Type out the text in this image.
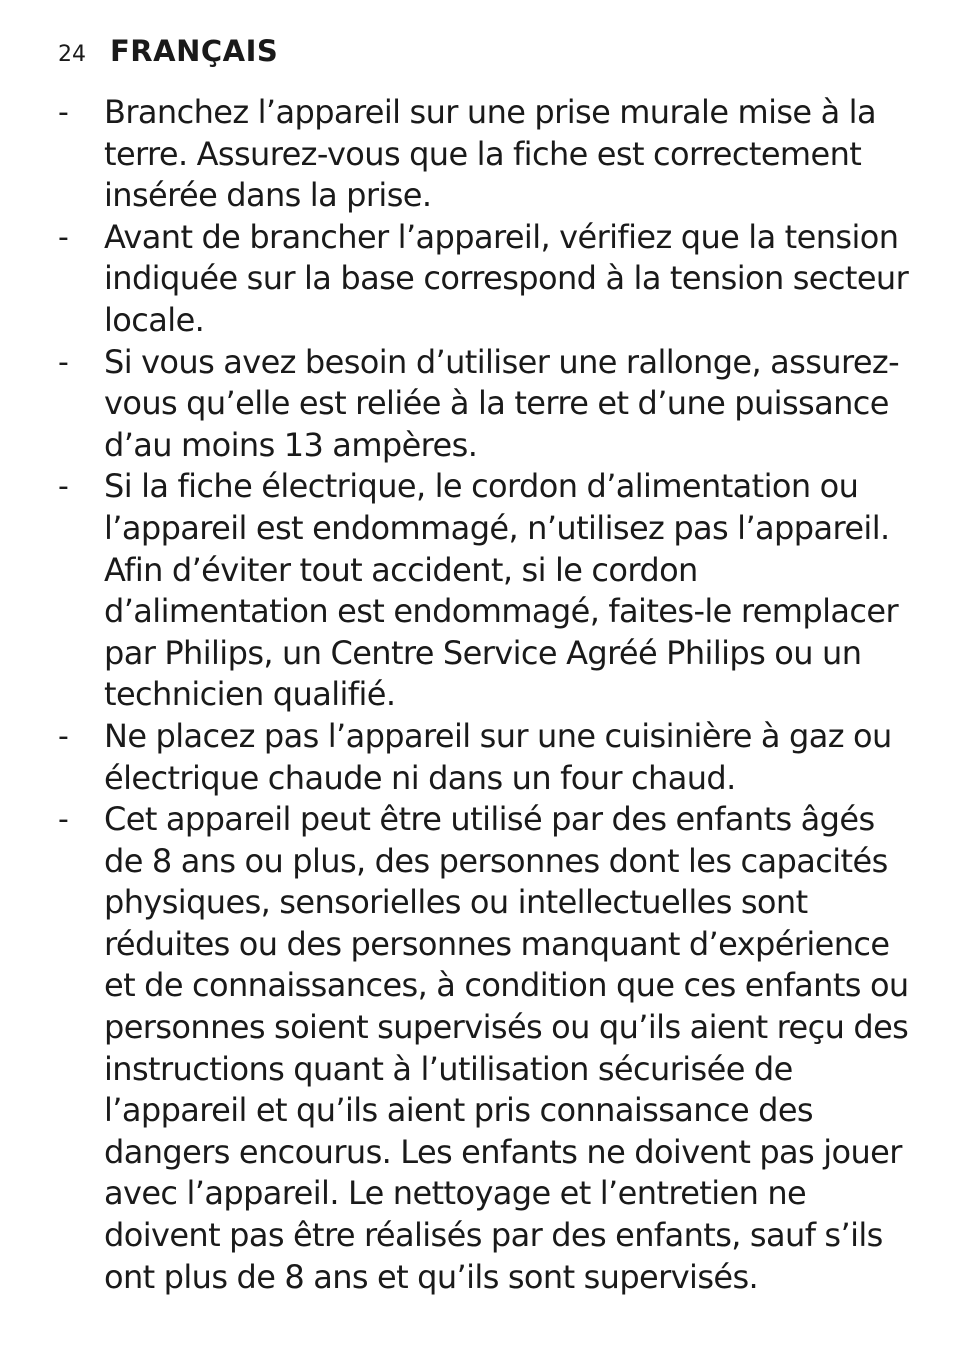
24 FRANÇAIS
- Branchez l’appareil sur une prise murale mise à la terre. Assurez-vous que la fiche est correctement insérée dans la prise.
- Avant de brancher l’appareil, vérifiez que la tension indiquée sur la base correspond à la tension secteur locale.
- Si vous avez besoin d’utiliser une rallonge, assurez-vous qu’elle est reliée à la terre et d’une puissance d’au moins 13 ampères.
- Si la fiche électrique, le cordon d’alimentation ou l’appareil est endommagé, n’utilisez pas l’appareil. Afin d’éviter tout accident, si le cordon d’alimentation est endommagé, faites-le remplacer par Philips, un Centre Service Agréé Philips ou un technicien qualifié.
- Ne placez pas l’appareil sur une cuisinière à gaz ou électrique chaude ni dans un four chaud.
- Cet appareil peut être utilisé par des enfants âgés de 8 ans ou plus, des personnes dont les capacités physiques, sensorielles ou intellectuelles sont réduites ou des personnes manquant d’expérience et de connaissances, à condition que ces enfants ou personnes soient supervisés ou qu’ils aient reçu des instructions quant à l’utilisation sécurisée de l’appareil et qu’ils aient pris connaissance des dangers encourus. Les enfants ne doivent pas jouer avec l’appareil. Le nettoyage et l’entretien ne doivent pas être réalisés par des enfants, sauf s’ils ont plus de 8 ans et qu’ils sont supervisés.
